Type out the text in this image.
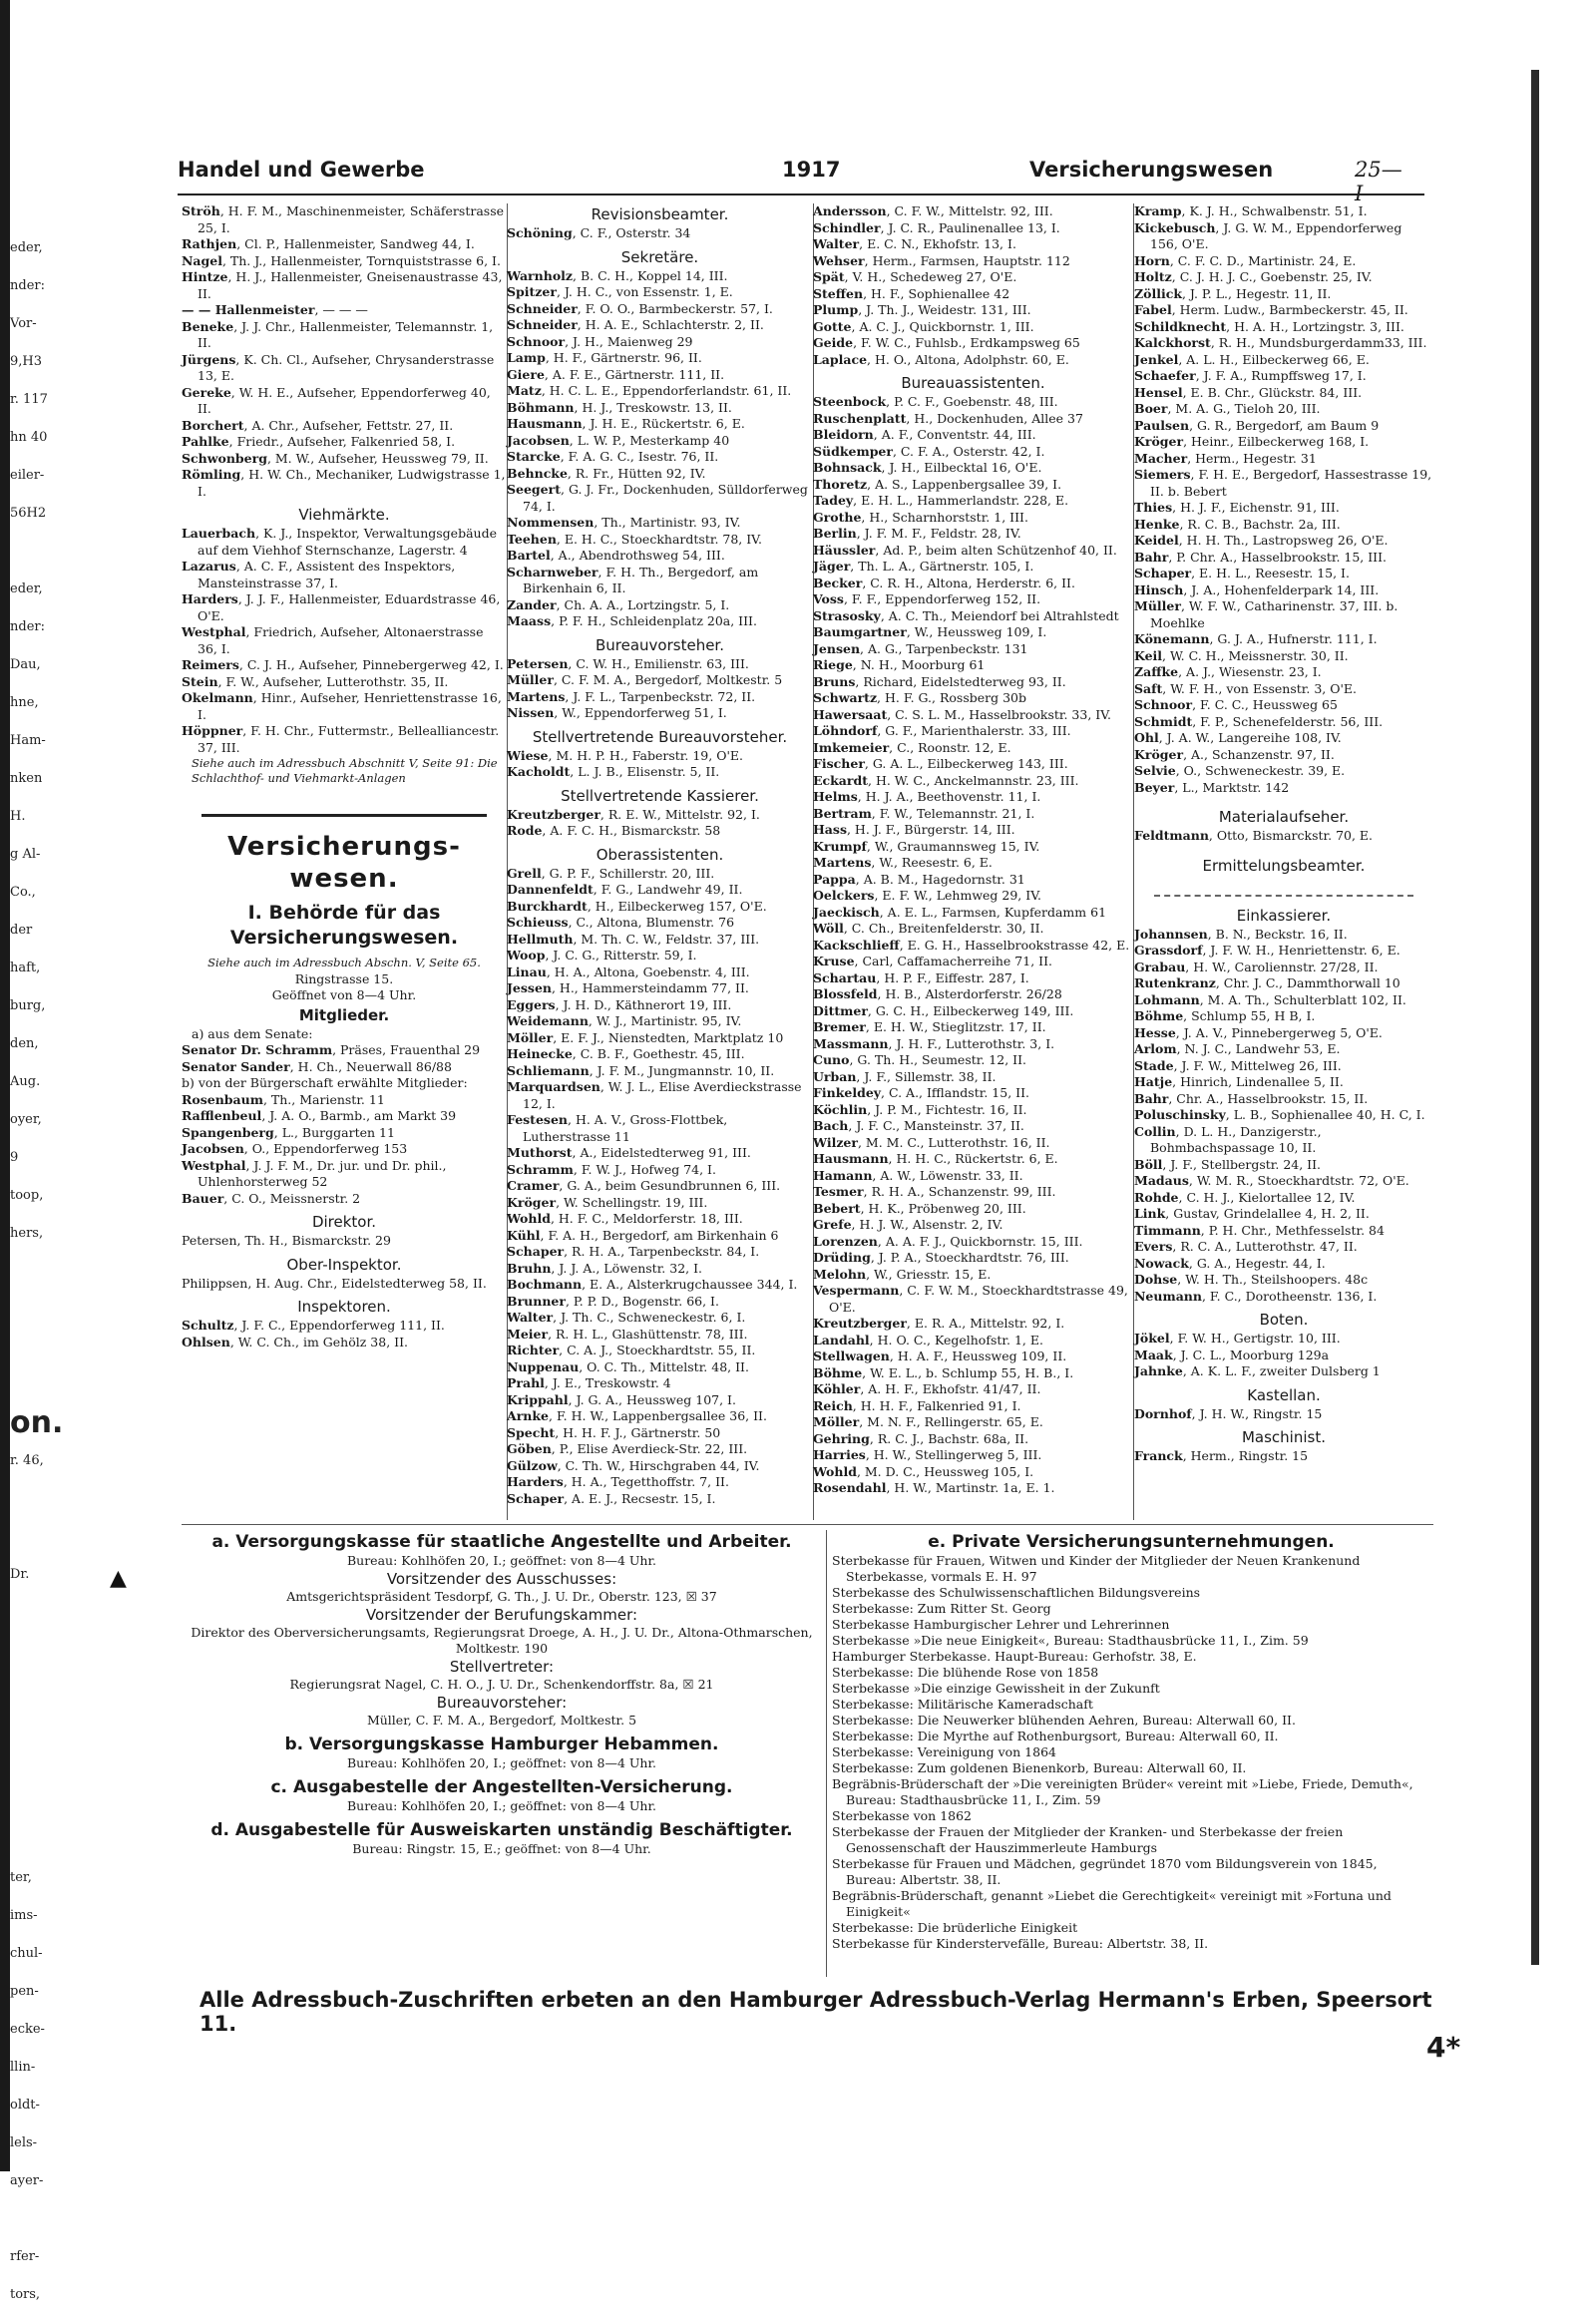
eder,
nder:
Vor-
9,H3
r. 117
hn 40
eiler-
56H2

eder,
nder:
Dau,
hne,
Ham-
nken
H.
g Al-
Co.,
der
haft,
burg,
den,
Aug.
oyer,
9
toop,
hers,

on.
r. 46,

Dr.

ter,
ims-
chul-
pen-
ecke-
llin-
oldt-
lels-
ayer-

rfer-
tors,
Handel und Gewerbe	1917	Versicherungswesen	25—I
Ströh, H. F. M., Maschinenmeister, Schäferstrasse 25, I.
Rathjen, Cl. P., Hallenmeister, Sandweg 44, I.
Nagel, Th. J., Hallenmeister, Tornquiststrasse 6, I.
Hintze, H. J., Hallenmeister, Gneisenaustrasse 43, II.
— — Hallenmeister, — — —
Beneke, J. J. Chr., Hallenmeister, Telemannstr. 1, II.
Jürgens, K. Ch. Cl., Aufseher, Chrysanderstrasse 13, E.
Gereke, W. H. E., Aufseher, Eppendorferweg 40, II.
Borchert, A. Chr., Aufseher, Fettstr. 27, II.
Pahlke, Friedr., Aufseher, Falkenried 58, I.
Schwonberg, M. W., Aufseher, Heussweg 79, II.
Römling, H. W. Ch., Mechaniker, Ludwigstrasse 1, I.
Viehmärkte.
Lauerbach, K. J., Inspektor, Verwaltungsgebäude auf dem Viehhof Sternschanze, Lagerstr. 4
Lazarus, A. C. F., Assistent des Inspektors, Mansteinstrasse 37, I.
Harders, J. J. F., Hallenmeister, Eduardstrasse 46, O'E.
Westphal, Friedrich, Aufseher, Altonaerstrasse 36, I.
Reimers, C. J. H., Aufseher, Pinnebergerweg 42, I.
Stein, F. W., Aufseher, Lutterothstr. 35, II.
Okelmann, Hinr., Aufseher, Henriettenstrasse 16, I.
Höppner, F. H. Chr., Futtermstr., Bellealliancestr. 37, III.
Siehe auch im Adressbuch Abschnitt V, Seite 91: Die Schlachthof- und Viehmarkt-Anlagen
Versicherungs-
wesen.
I. Behörde für das Versicherungswesen.
Siehe auch im Adressbuch Abschn. V, Seite 65.
Ringstrasse 15.
Geöffnet von 8—4 Uhr.
Mitglieder.
a) aus dem Senate:
Senator Dr. Schramm, Präses, Frauenthal 29
Senator Sander, H. Ch., Neuerwall 86/88
b) von der Bürgerschaft erwählte Mitglieder:
Rosenbaum, Th., Marienstr. 11
Rafflenbeul, J. A. O., Barmb., am Markt 39
Spangenberg, L., Burggarten 11
Jacobsen, O., Eppendorferweg 153
Westphal, J. J. F. M., Dr. jur. und Dr. phil., Uhlenhorsterweg 52
Bauer, C. O., Meissnerstr. 2
Direktor.
Petersen, Th. H., Bismarckstr. 29
Ober-Inspektor.
Philippsen, H. Aug. Chr., Eidelstedterweg 58, II.
Inspektoren.
Schultz, J. F. C., Eppendorferweg 111, II.
Ohlsen, W. C. Ch., im Gehölz 38, II.
Revisionsbeamter.
Schöning, C. F., Osterstr. 34
Sekretäre.
Warnholz, B. C. H., Koppel 14, III.
Spitzer, J. H. C., von Essenstr. 1, E.
Schneider, F. O. O., Barmbeckerstr. 57, I.
Schneider, H. A. E., Schlachterstr. 2, II.
Schnoor, J. H., Maienweg 29
Lamp, H. F., Gärtnerstr. 96, II.
Giere, A. F. E., Gärtnerstr. 111, II.
Matz, H. C. L. E., Eppendorferlandstr. 61, II.
Böhmann, H. J., Treskowstr. 13, II.
Hausmann, J. H. E., Rückertstr. 6, E.
Jacobsen, L. W. P., Mesterkamp 40
Starcke, F. A. G. C., Isestr. 76, II.
Behncke, R. Fr., Hütten 92, IV.
Seegert, G. J. Fr., Dockenhuden, Sülldorferweg 74, I.
Nommensen, Th., Martinistr. 93, IV.
Teehen, E. H. C., Stoeckhardtstr. 78, IV.
Bartel, A., Abendrothsweg 54, III.
Scharnweber, F. H. Th., Bergedorf, am Birkenhain 6, II.
Zander, Ch. A. A., Lortzingstr. 5, I.
Maass, P. F. H., Schleidenplatz 20a, III.
Bureauvorsteher.
Petersen, C. W. H., Emilienstr. 63, III.
Müller, C. F. M. A., Bergedorf, Moltkestr. 5
Martens, J. F. L., Tarpenbeckstr. 72, II.
Nissen, W., Eppendorferweg 51, I.
Stellvertretende Bureauvorsteher.
Wiese, M. H. P. H., Faberstr. 19, O'E.
Kacholdt, L. J. B., Elisenstr. 5, II.
Stellvertretende Kassierer.
Kreutzberger, R. E. W., Mittelstr. 92, I.
Rode, A. F. C. H., Bismarckstr. 58
Oberassistenten.
Grell, G. P. F., Schillerstr. 20, III.
Dannenfeldt, F. G., Landwehr 49, II.
Burckhardt, H., Eilbeckerweg 157, O'E.
Schieuss, C., Altona, Blumenstr. 76
Hellmuth, M. Th. C. W., Feldstr. 37, III.
Woop, J. C. G., Ritterstr. 59, I.
Linau, H. A., Altona, Goebenstr. 4, III.
Jessen, H., Hammersteindamm 77, II.
Eggers, J. H. D., Käthnerort 19, III.
Weidemann, W. J., Martinistr. 95, IV.
Möller, E. F. J., Nienstedten, Marktplatz 10
Heinecke, C. B. F., Goethestr. 45, III.
Schliemann, J. F. M., Jungmannstr. 10, II.
Marquardsen, W. J. L., Elise Averdieckstrasse 12, I.
Festesen, H. A. V., Gross-Flottbek, Lutherstrasse 11
Muthorst, A., Eidelstedterweg 91, III.
Schramm, F. W. J., Hofweg 74, I.
Cramer, G. A., beim Gesundbrunnen 6, III.
Kröger, W. Schellingstr. 19, III.
Wohld, H. F. C., Meldorferstr. 18, III.
Kühl, F. A. H., Bergedorf, am Birkenhain 6
Schaper, R. H. A., Tarpenbeckstr. 84, I.
Bruhn, J. J. A., Löwenstr. 32, I.
Bochmann, E. A., Alsterkrugchaussee 344, I.
Brunner, P. P. D., Bogenstr. 66, I.
Walter, J. Th. C., Schweneckestr. 6, I.
Meier, R. H. L., Glashüttenstr. 78, III.
Richter, C. A. J., Stoeckhardtstr. 55, II.
Nuppenau, O. C. Th., Mittelstr. 48, II.
Prahl, J. E., Treskowstr. 4
Krippahl, J. G. A., Heussweg 107, I.
Arnke, F. H. W., Lappenbergsallee 36, II.
Specht, H. H. F. J., Gärtnerstr. 50
Göben, P., Elise Averdieck-Str. 22, III.
Gülzow, C. Th. W., Hirschgraben 44, IV.
Harders, H. A., Tegetthoffstr. 7, II.
Schaper, A. E. J., Recsestr. 15, I.
Andersson, C. F. W., Mittelstr. 92, III.
Schindler, J. C. R., Paulinenallee 13, I.
Walter, E. C. N., Ekhofstr. 13, I.
Wehser, Herm., Farmsen, Hauptstr. 112
Spät, V. H., Schedeweg 27, O'E.
Steffen, H. F., Sophienallee 42
Plump, J. Th. J., Weidestr. 131, III.
Gotte, A. C. J., Quickbornstr. 1, III.
Geide, F. W. C., Fuhlsb., Erdkampsweg 65
Laplace, H. O., Altona, Adolphstr. 60, E.
Bureauassistenten.
Steenbock, P. C. F., Goebenstr. 48, III.
Ruschenplatt, H., Dockenhuden, Allee 37
Bleidorn, A. F., Conventstr. 44, III.
Südkemper, C. F. A., Osterstr. 42, I.
Bohnsack, J. H., Eilbecktal 16, O'E.
Thoretz, A. S., Lappenbergsallee 39, I.
Tadey, E. H. L., Hammerlandstr. 228, E.
Grothe, H., Scharnhorststr. 1, III.
Berlin, J. F. M. F., Feldstr. 28, IV.
Häussler, Ad. P., beim alten Schützenhof 40, II.
Jäger, Th. L. A., Gärtnerstr. 105, I.
Becker, C. R. H., Altona, Herderstr. 6, II.
Voss, F. F., Eppendorferweg 152, II.
Strasosky, A. C. Th., Meiendorf bei Altrahlstedt
Baumgartner, W., Heussweg 109, I.
Jensen, A. G., Tarpenbeckstr. 131
Riege, N. H., Moorburg 61
Bruns, Richard, Eidelstedterweg 93, II.
Schwartz, H. F. G., Rossberg 30b
Hawersaat, C. S. L. M., Hasselbrookstr. 33, IV.
Löhndorf, G. F., Marienthalerstr. 33, III.
Imkemeier, C., Roonstr. 12, E.
Fischer, G. A. L., Eilbeckerweg 143, III.
Eckardt, H. W. C., Anckelmannstr. 23, III.
Helms, H. J. A., Beethovenstr. 11, I.
Bertram, F. W., Telemannstr. 21, I.
Hass, H. J. F., Bürgerstr. 14, III.
Krumpf, W., Graumannsweg 15, IV.
Martens, W., Reesestr. 6, E.
Pappa, A. B. M., Hagedornstr. 31
Oelckers, E. F. W., Lehmweg 29, IV.
Jaeckisch, A. E. L., Farmsen, Kupferdamm 61
Wöll, C. Ch., Breitenfelderstr. 30, II.
Kackschlieff, E. G. H., Hasselbrookstrasse 42, E.
Kruse, Carl, Caffamacherreihe 71, II.
Schartau, H. P. F., Eiffestr. 287, I.
Blossfeld, H. B., Alsterdorferstr. 26/28
Dittmer, G. C. H., Eilbeckerweg 149, III.
Bremer, E. H. W., Stieglitzstr. 17, II.
Massmann, J. H. F., Lutterothstr. 3, I.
Cuno, G. Th. H., Seumestr. 12, II.
Urban, J. F., Sillemstr. 38, II.
Finkeldey, C. A., Ifflandstr. 15, II.
Köchlin, J. P. M., Fichtestr. 16, II.
Bach, J. F. C., Mansteinstr. 37, II.
Wilzer, M. M. C., Lutterothstr. 16, II.
Hausmann, H. H. C., Rückertstr. 6, E.
Hamann, A. W., Löwenstr. 33, II.
Tesmer, R. H. A., Schanzenstr. 99, III.
Bebert, H. K., Pröbenweg 20, III.
Grefe, H. J. W., Alsenstr. 2, IV.
Lorenzen, A. A. F. J., Quickbornstr. 15, III.
Drüding, J. P. A., Stoeckhardtstr. 76, III.
Melohn, W., Griesstr. 15, E.
Vespermann, C. F. W. M., Stoeckhardtstrasse 49, O'E.
Kreutzberger, E. R. A., Mittelstr. 92, I.
Landahl, H. O. C., Kegelhofstr. 1, E.
Stellwagen, H. A. F., Heussweg 109, II.
Böhme, W. E. L., b. Schlump 55, H. B., I.
Köhler, A. H. F., Ekhofstr. 41/47, II.
Reich, H. H. F., Falkenried 91, I.
Möller, M. N. F., Rellingerstr. 65, E.
Gehring, R. C. J., Bachstr. 68a, II.
Harries, H. W., Stellingerweg 5, III.
Wohld, M. D. C., Heussweg 105, I.
Rosendahl, H. W., Martinstr. 1a, E. 1.
Kramp, K. J. H., Schwalbenstr. 51, I.
Kickebusch, J. G. W. M., Eppendorferweg 156, O'E.
Horn, C. F. C. D., Martinistr. 24, E.
Holtz, C. J. H. J. C., Goebenstr. 25, IV.
Zöllick, J. P. L., Hegestr. 11, II.
Fabel, Herm. Ludw., Barmbeckerstr. 45, II.
Schildknecht, H. A. H., Lortzingstr. 3, III.
Kalckhorst, R. H., Mundsburgerdamm33, III.
Jenkel, A. L. H., Eilbeckerweg 66, E.
Schaefer, J. F. A., Rumpffsweg 17, I.
Hensel, E. B. Chr., Glückstr. 84, III.
Boer, M. A. G., Tieloh 20, III.
Paulsen, G. R., Bergedorf, am Baum 9
Kröger, Heinr., Eilbeckerweg 168, I.
Macher, Herm., Hegestr. 31
Siemers, F. H. E., Bergedorf, Hassestrasse 19, II. b. Bebert
Thies, H. J. F., Eichenstr. 91, III.
Henke, R. C. B., Bachstr. 2a, III.
Keidel, H. H. Th., Lastropsweg 26, O'E.
Bahr, P. Chr. A., Hasselbrookstr. 15, III.
Schaper, E. H. L., Reesestr. 15, I.
Hinsch, J. A., Hohenfelderpark 14, III.
Müller, W. F. W., Catharinenstr. 37, III. b. Moehlke
Könemann, G. J. A., Hufnerstr. 111, I.
Keil, W. C. H., Meissnerstr. 30, II.
Zaffke, A. J., Wiesenstr. 23, I.
Saft, W. F. H., von Essenstr. 3, O'E.
Schnoor, F. C. C., Heussweg 65
Schmidt, F. P., Schenefelderstr. 56, III.
Ohl, J. A. W., Langereihe 108, IV.
Kröger, A., Schanzenstr. 97, II.
Selvie, O., Schweneckestr. 39, E.
Beyer, L., Marktstr. 142
Materialaufseher.
Feldtmann, Otto, Bismarckstr. 70, E.
Ermittelungsbeamter.
Einkassierer.
Johannsen, B. N., Beckstr. 16, II.
Grassdorf, J. F. W. H., Henriettenstr. 6, E.
Grabau, H. W., Caroliennstr. 27/28, II.
Rutenkranz, Chr. J. C., Dammthorwall 10
Lohmann, M. A. Th., Schulterblatt 102, II.
Böhme, Schlump 55, H B, I.
Hesse, J. A. V., Pinnebergerweg 5, O'E.
Arlom, N. J. C., Landwehr 53, E.
Stade, J. F. W., Mittelweg 26, III.
Hatje, Hinrich, Lindenallee 5, II.
Bahr, Chr. A., Hasselbrookstr. 15, II.
Poluschinsky, L. B., Sophienallee 40, H. C, I.
Collin, D. L. H., Danzigerstr., Bohmbachspassage 10, II.
Böll, J. F., Stellbergstr. 24, II.
Madaus, W. M. R., Stoeckhardtstr. 72, O'E.
Rohde, C. H. J., Kielortallee 12, IV.
Link, Gustav, Grindelallee 4, H. 2, II.
Timmann, P. H. Chr., Methfesselstr. 84
Evers, R. C. A., Lutterothstr. 47, II.
Nowack, G. A., Hegestr. 44, I.
Dohse, W. H. Th., Steilshoopers. 48c
Neumann, F. C., Dorotheenstr. 136, I.
Boten.
Jökel, F. W. H., Gertigstr. 10, III.
Maak, J. C. L., Moorburg 129a
Jahnke, A. K. L. F., zweiter Dulsberg 1
Kastellan.
Dornhof, J. H. W., Ringstr. 15
Maschinist.
Franck, Herm., Ringstr. 15
▲
a. Versorgungskasse für staatliche Angestellte und Arbeiter.
Bureau: Kohlhöfen 20, I.; geöffnet: von 8—4 Uhr.
Vorsitzender des Ausschusses:
Amtsgerichtspräsident Tesdorpf, G. Th., J. U. Dr., Oberstr. 123, ☒ 37
Vorsitzender der Berufungskammer:
Direktor des Oberversicherungsamts, Regierungsrat Droege, A. H., J. U. Dr., Altona-Othmarschen, Moltkestr. 190
Stellvertreter:
Regierungsrat Nagel, C. H. O., J. U. Dr., Schenkendorffstr. 8a, ☒ 21
Bureauvorsteher:
Müller, C. F. M. A., Bergedorf, Moltkestr. 5
b. Versorgungskasse Hamburger Hebammen.
Bureau: Kohlhöfen 20, I.; geöffnet: von 8—4 Uhr.
c. Ausgabestelle der Angestellten-Versicherung.
Bureau: Kohlhöfen 20, I.; geöffnet: von 8—4 Uhr.
d. Ausgabestelle für Ausweiskarten unständig Beschäftigter.
Bureau: Ringstr. 15, E.; geöffnet: von 8—4 Uhr.
e. Private Versicherungsunternehmungen.
Sterbekasse für Frauen, Witwen und Kinder der Mitglieder der Neuen Krankenund Sterbekasse, vormals E. H. 97
Sterbekasse des Schulwissenschaftlichen Bildungsvereins
Sterbekasse: Zum Ritter St. Georg
Sterbekasse Hamburgischer Lehrer und Lehrerinnen
Sterbekasse »Die neue Einigkeit«, Bureau: Stadthausbrücke 11, I., Zim. 59
Hamburger Sterbekasse. Haupt-Bureau: Gerhofstr. 38, E.
Sterbekasse: Die blühende Rose von 1858
Sterbekasse »Die einzige Gewissheit in der Zukunft
Sterbekasse: Militärische Kameradschaft
Sterbekasse: Die Neuwerker blühenden Aehren, Bureau: Alterwall 60, II.
Sterbekasse: Die Myrthe auf Rothenburgsort, Bureau: Alterwall 60, II.
Sterbekasse: Vereinigung von 1864
Sterbekasse: Zum goldenen Bienenkorb, Bureau: Alterwall 60, II.
Begräbnis-Brüderschaft der »Die vereinigten Brüder« vereint mit »Liebe, Friede, Demuth«, Bureau: Stadthausbrücke 11, I., Zim. 59
Sterbekasse von 1862
Sterbekasse der Frauen der Mitglieder der Kranken- und Sterbekasse der freien Genossenschaft der Hauszimmerleute Hamburgs
Sterbekasse für Frauen und Mädchen, gegründet 1870 vom Bildungsverein von 1845, Bureau: Albertstr. 38, II.
Begräbnis-Brüderschaft, genannt »Liebet die Gerechtigkeit« vereinigt mit »Fortuna und Einigkeit«
Sterbekasse: Die brüderliche Einigkeit
Sterbekasse für Kinderstervefälle, Bureau: Albertstr. 38, II.
Alle Adressbuch-Zuschriften erbeten an den Hamburger Adressbuch-Verlag Hermann's Erben, Speersort 11.
4*
